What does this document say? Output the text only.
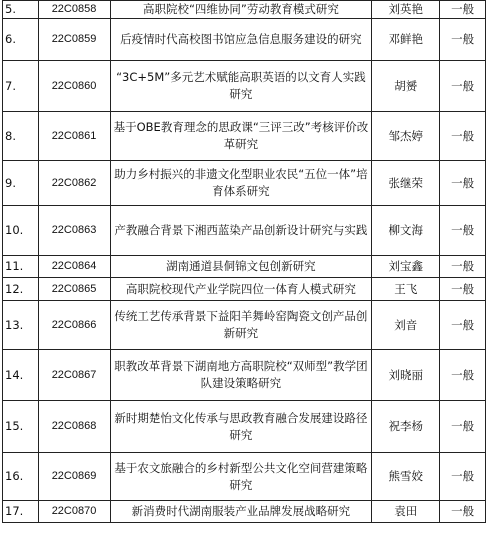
5.	22C0858	高职院校“四维协同”劳动教育模式研究	刘英艳	一般
6.	22C0859	后疫情时代高校图书馆应急信息服务建设的研究	邓鲜艳	一般
7.	22C0860	“3C+5M”多元艺术赋能高职英语的以文育人实践研究	胡赟	一般
8.	22C0861	基于OBE教育理念的思政课“三评三改”考核评价改革研究	邹杰婷	一般
9.	22C0862	助力乡村振兴的非遗文化型职业农民“五位一体”培育体系研究	张继荣	一般
10.	22C0863	产教融合背景下湘西蓝染产品创新设计研究与实践	柳文海	一般
11.	22C0864	湖南通道县侗锦文包创新研究	刘宝鑫	一般
12.	22C0865	高职院校现代产业学院四位一体育人模式研究	王飞	一般
13.	22C0866	传统工艺传承背景下益阳羊舞岭窑陶瓷文创产品创新研究	刘音	一般
14.	22C0867	职教改革背景下湖南地方高职院校“双师型”教学团队建设策略研究	刘晓丽	一般
15.	22C0868	新时期楚怡文化传承与思政教育融合发展建设路径研究	祝李杨	一般
16.	22C0869	基于农文旅融合的乡村新型公共文化空间营建策略研究	熊雪姣	一般
17.	22C0870	新消费时代湖南服装产业品牌发展战略研究	袁田	一般
